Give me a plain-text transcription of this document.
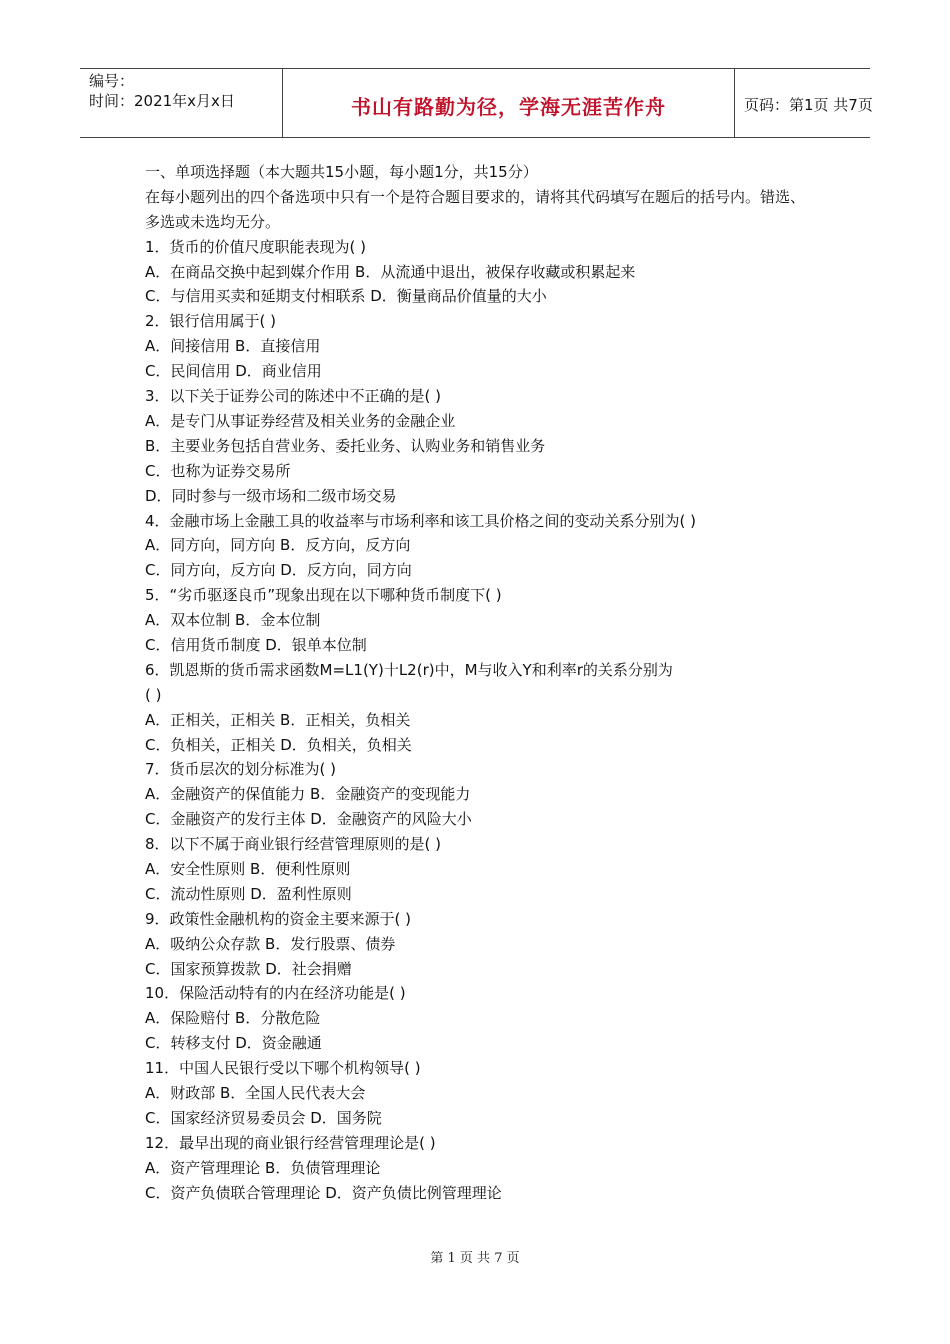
编号：
时间：2021年x月x日	书山有路勤为径，学海无涯苦作舟	页码：第1页 共7页
一、单项选择题（本大题共15小题，每小题1分，共15分）
在每小题列出的四个备选项中只有一个是符合题目要求的，请将其代码填写在题后的括号内。错选、多选或未选均无分。
1．货币的价值尺度职能表现为( )
A．在商品交换中起到媒介作用 B．从流通中退出，被保存收藏或积累起来
C．与信用买卖和延期支付相联系 D．衡量商品价值量的大小
2．银行信用属于( )
A．间接信用 B．直接信用
C．民间信用 D．商业信用
3．以下关于证券公司的陈述中不正确的是( )
A．是专门从事证券经营及相关业务的金融企业
B．主要业务包括自营业务、委托业务、认购业务和销售业务
C．也称为证券交易所
D．同时参与一级市场和二级市场交易
4．金融市场上金融工具的收益率与市场利率和该工具价格之间的变动关系分别为( )
A．同方向，同方向 B．反方向，反方向
C．同方向，反方向 D．反方向，同方向
5．“劣币驱逐良币”现象出现在以下哪种货币制度下( )
A．双本位制 B．金本位制
C．信用货币制度 D．银单本位制
6．凯恩斯的货币需求函数M=L1(Y)十L2(r)中，M与收入Y和利率r的关系分别为
( )
A．正相关，正相关 B．正相关，负相关
C．负相关，正相关 D．负相关，负相关
7．货币层次的划分标准为( )
A．金融资产的保值能力 B．金融资产的变现能力
C．金融资产的发行主体 D．金融资产的风险大小
8．以下不属于商业银行经营管理原则的是( )
A．安全性原则 B．便利性原则
C．流动性原则 D．盈利性原则
9．政策性金融机构的资金主要来源于( )
A．吸纳公众存款 B．发行股票、债券
C．国家预算拨款 D．社会捐赠
10．保险活动特有的内在经济功能是( )
A．保险赔付 B．分散危险
C．转移支付 D．资金融通
11．中国人民银行受以下哪个机构领导( )
A．财政部 B．全国人民代表大会
C．国家经济贸易委员会 D．国务院
12．最早出现的商业银行经营管理理论是( )
A．资产管理理论 B．负债管理理论
C．资产负债联合管理理论 D．资产负债比例管理理论
第 1 页 共 7 页
